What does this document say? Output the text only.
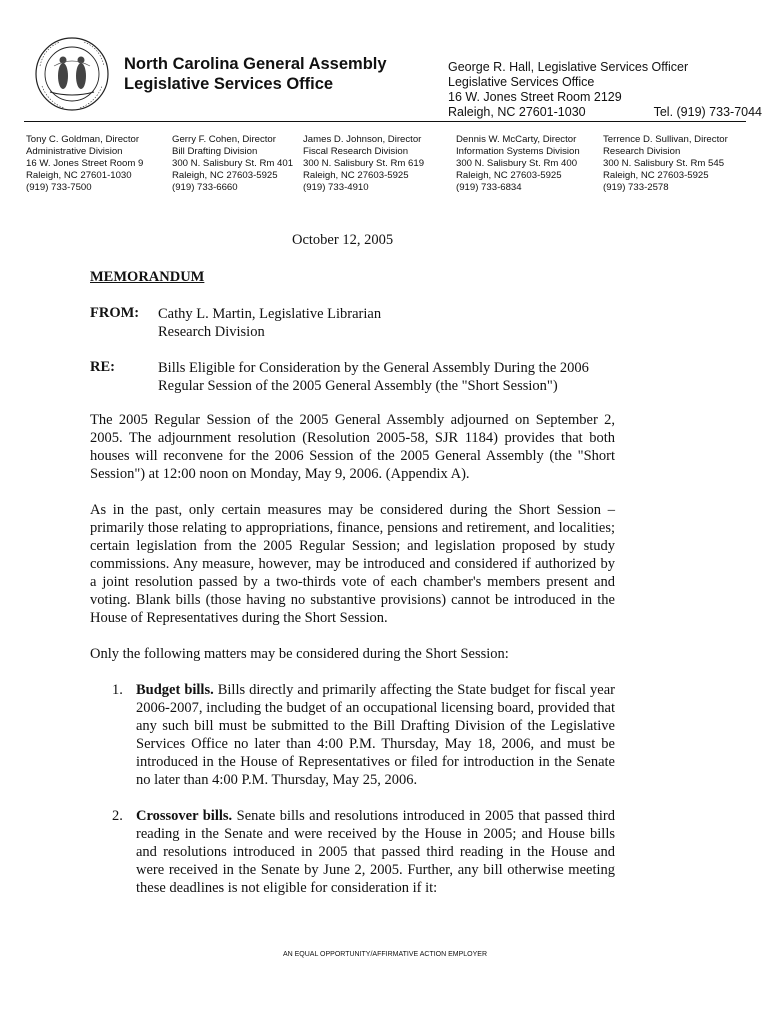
North Carolina General Assembly
Legislative Services Office
George R. Hall, Legislative Services Officer
Legislative Services Office
16 W. Jones Street Room 2129
Raleigh, NC 27601-1030	Tel. (919) 733-7044
Tony C. Goldman, Director
Administrative Division
16 W. Jones Street Room 9
Raleigh, NC 27601-1030
(919) 733-7500
Gerry F. Cohen, Director
Bill Drafting Division
300 N. Salisbury St. Rm 401
Raleigh, NC 27603-5925
(919) 733-6660
James D. Johnson, Director
Fiscal Research Division
300 N. Salisbury St. Rm 619
Raleigh, NC 27603-5925
(919) 733-4910
Dennis W. McCarty, Director
Information Systems Division
300 N. Salisbury St. Rm 400
Raleigh, NC 27603-5925
(919) 733-6834
Terrence D. Sullivan, Director
Research Division
300 N. Salisbury St. Rm 545
Raleigh, NC 27603-5925
(919) 733-2578
October 12, 2005
MEMORANDUM
FROM: Cathy L. Martin, Legislative Librarian
Research Division
RE:	Bills Eligible for Consideration by the General Assembly During the 2006
Regular Session of the 2005 General Assembly (the "Short Session")
The 2005 Regular Session of the 2005 General Assembly adjourned on September 2, 2005. The adjournment resolution (Resolution 2005-58, SJR 1184) provides that both houses will reconvene for the 2006 Session of the 2005 General Assembly (the "Short Session") at 12:00 noon on Monday, May 9, 2006. (Appendix A).
As in the past, only certain measures may be considered during the Short Session – primarily those relating to appropriations, finance, pensions and retirement, and localities; certain legislation from the 2005 Regular Session; and legislation proposed by study commissions. Any measure, however, may be introduced and considered if authorized by a joint resolution passed by a two-thirds vote of each chamber's members present and voting. Blank bills (those having no substantive provisions) cannot be introduced in the House of Representatives during the Short Session.
Only the following matters may be considered during the Short Session:
1. Budget bills. Bills directly and primarily affecting the State budget for fiscal year 2006-2007, including the budget of an occupational licensing board, provided that any such bill must be submitted to the Bill Drafting Division of the Legislative Services Office no later than 4:00 P.M. Thursday, May 18, 2006, and must be introduced in the House of Representatives or filed for introduction in the Senate no later than 4:00 P.M. Thursday, May 25, 2006.
2. Crossover bills. Senate bills and resolutions introduced in 2005 that passed third reading in the Senate and were received by the House in 2005; and House bills and resolutions introduced in 2005 that passed third reading in the House and were received in the Senate by June 2, 2005. Further, any bill otherwise meeting these deadlines is not eligible for consideration if it:
AN EQUAL OPPORTUNITY/AFFIRMATIVE ACTION EMPLOYER
